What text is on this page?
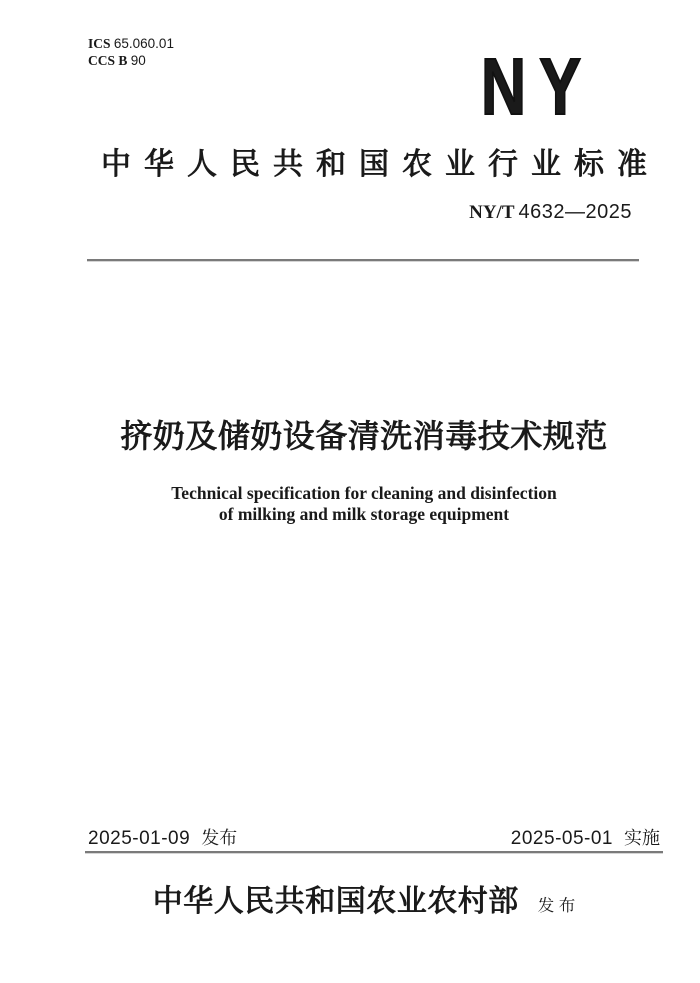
ICS 65.060.01
CCS B 90	NY
中华人民共和国农业行业标准
NY/T 4632—2025
挤奶及储奶设备清洗消毒技术规范
Technical specification for cleaning and disinfection
of milking and milk storage equipment
2025-01-09 发布	2025-05-01 实施
中华人民共和国农业农村部 发 布
